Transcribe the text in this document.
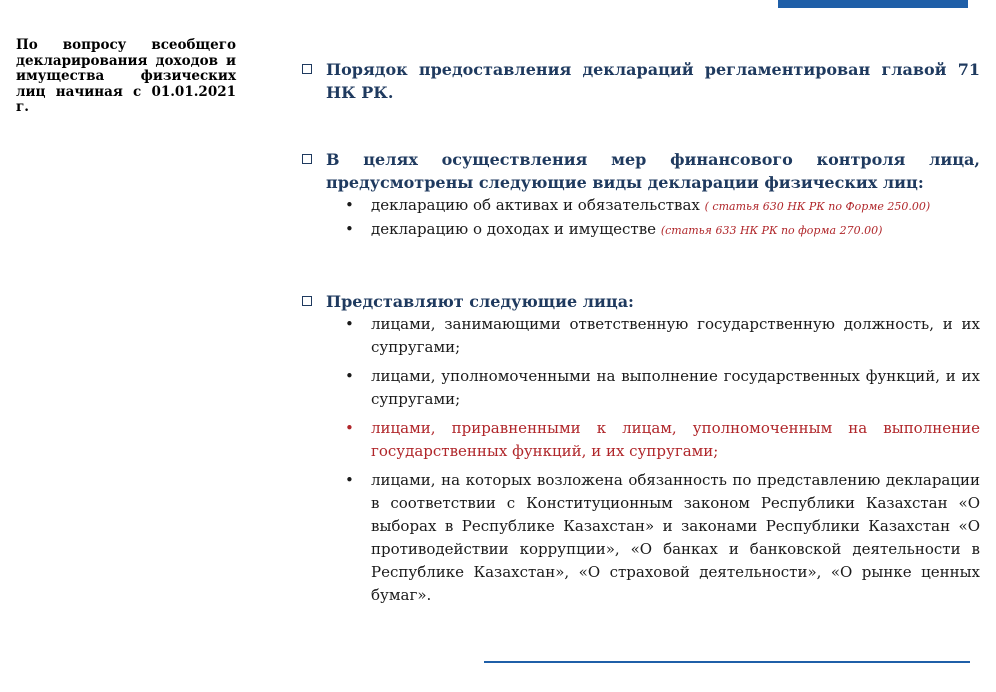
По вопросу всеобщего декларирования доходов и имущества физических лиц начиная с 01.01.2021 г.
Порядок предоставления деклараций регламентирован главой 71 НК РК.
В целях осуществления мер финансового контроля лица, предусмотрены следующие виды декларации физических лиц:
• декларацию об активах и обязательствах ( статья 630 НК РК по Форме 250.00)
• декларацию о доходах и имуществе (статья 633 НК РК по форма 270.00)
Представляют следующие лица:
• лицами, занимающими ответственную государственную должность, и их супругами;
• лицами, уполномоченными на выполнение государственных функций, и их супругами;
• лицами, приравненными к лицам, уполномоченным на выполнение государственных функций, и их супругами;
• лицами, на которых возложена обязанность по представлению декларации в соответствии с Конституционным законом Республики Казахстан «О выборах в Республике Казахстан» и законами Республики Казахстан «О противодействии коррупции», «О банках и банковской деятельности в Республике Казахстан», «О страховой деятельности», «О рынке ценных бумаг».
